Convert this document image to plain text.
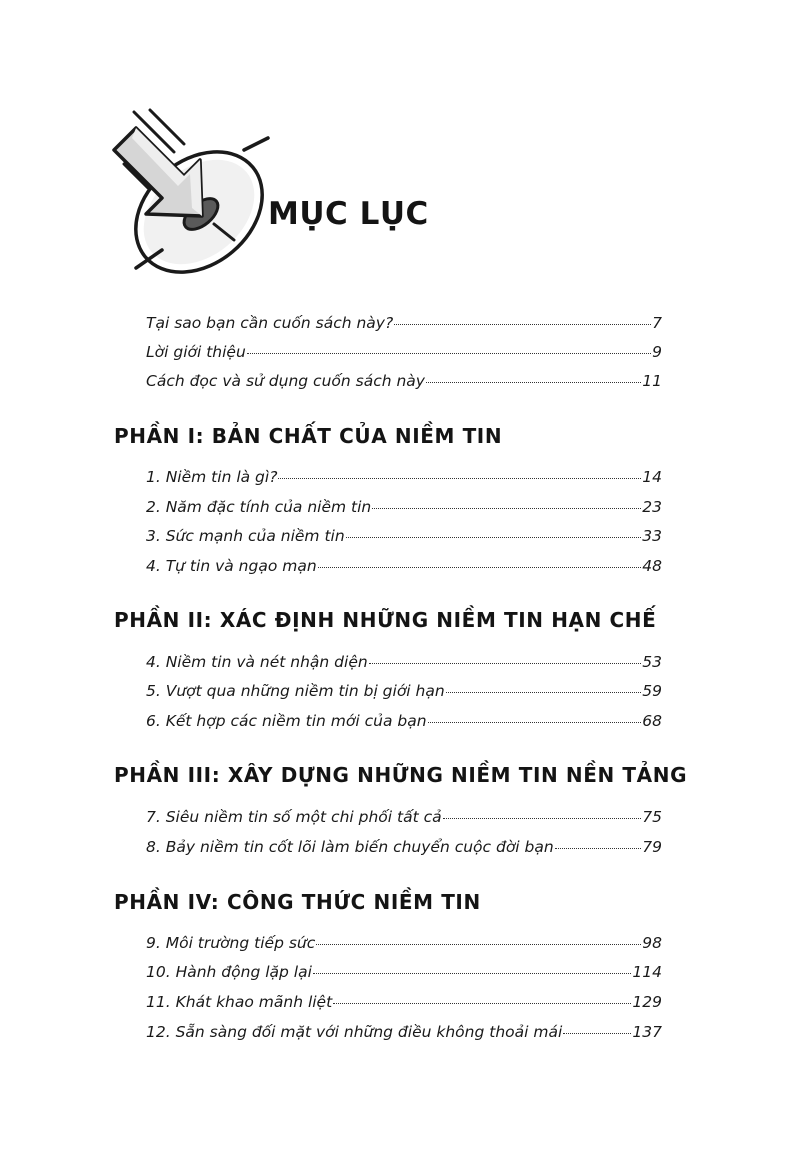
MỤC LỤC
Tại sao bạn cần cuốn sách này?	7
Lời giới thiệu	9
Cách đọc và sử dụng cuốn sách này	11
PHẦN I: BẢN CHẤT CỦA NIỀM TIN
1. Niềm tin là gì?	14
2. Năm đặc tính của niềm tin	23
3. Sức mạnh của niềm tin	33
4. Tự tin và ngạo mạn	48
PHẦN II: XÁC ĐỊNH NHỮNG NIỀM TIN HẠN CHẾ
4. Niềm tin và nét nhận diện	53
5. Vượt qua những niềm tin bị giới hạn	59
6. Kết hợp các niềm tin mới của bạn	68
PHẦN III: XÂY DỰNG NHỮNG NIỀM TIN NỀN TẢNG
7. Siêu niềm tin số một chi phối tất cả	75
8. Bảy niềm tin cốt lõi làm biến chuyển cuộc đời bạn	79
PHẦN IV: CÔNG THỨC NIỀM TIN
9. Môi trường tiếp sức	98
10. Hành động lặp lại	114
11. Khát khao mãnh liệt	129
12. Sẵn sàng đối mặt với những điều không thoải mái	137
